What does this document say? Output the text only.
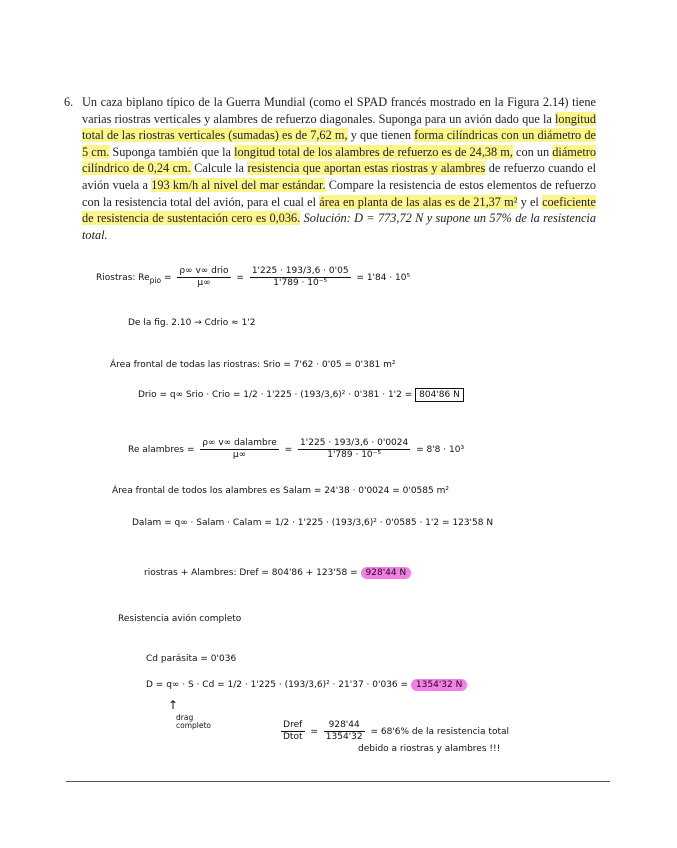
6. Un caza biplano típico de la Guerra Mundial (como el SPAD francés mostrado en la Figura 2.14) tiene varias riostras verticales y alambres de refuerzo diagonales. Suponga para un avión dado que la longitud total de las riostras verticales (sumadas) es de 7,62 m, y que tienen forma cilíndricas con un diámetro de 5 cm. Suponga también que la longitud total de los alambres de refuerzo es de 24,38 m, con un diámetro cilíndrico de 0,24 cm. Calcule la resistencia que aportan estas riostras y alambres de refuerzo cuando el avión vuela a 193 km/h al nivel del mar estándar. Compare la resistencia de estos elementos de refuerzo con la resistencia total del avión, para el cual el área en planta de las alas es de 21,37 m² y el coeficiente de resistencia de sustentación cero es 0,036. Solución: D = 773,72 N y supone un 57% de la resistencia total.
Riostras: $Re_{pio} = \frac{\text{ρ∞ v∞ drio}}{\mu\infty} = \frac{1'225 \cdot 193/3,6 \cdot 0'05}{\text{1'789 · 10⁻⁵}} = 1'84 \cdot 10^5$
De la fig. 2.10 → Cdrio ≈ 1'2
Área frontal de todas las riostras: Srio = 7'62 · 0'05 = 0'381 m²
Drio = q∞ Srio · Crio = 1/2 · 1'225 · (193/3,6)² · 0'381 · 1'2 = 804'86 N
Re alambres = $\frac{\text{ρ∞ v∞ dalambre}}{\mu\infty} = \frac{1'225 \cdot 193/3,6 \cdot 0'0024}{\text{1'789 · 10⁻⁵}} = 8'8 \cdot 10^3$
Área frontal de todos los alambres es Salam = 24'38 · 0'0024 = 0'0585 m²
Dalam = q∞ · Salam · Calam = 1/2 · 1'225 · (193/3,6)² · 0'0585 · 1'2 = 123'58 N
riostras + Alambres: Dref = 804'86 + 123'58 = 928'44 N
Resistencia avión completo
Cd parásita = 0'036
D = q∞ · S · Cd = 1/2 · 1'225 · (193/3,6)² · 21'37 · 0'036 = 1354'32 N
↑
drag completo	$\frac{\text{Dref}}{\text{Dtot}} = \frac{928'44}{1354'32} = 68'6\%$ de la resistencia total
debido a riostras y alambres !!!
